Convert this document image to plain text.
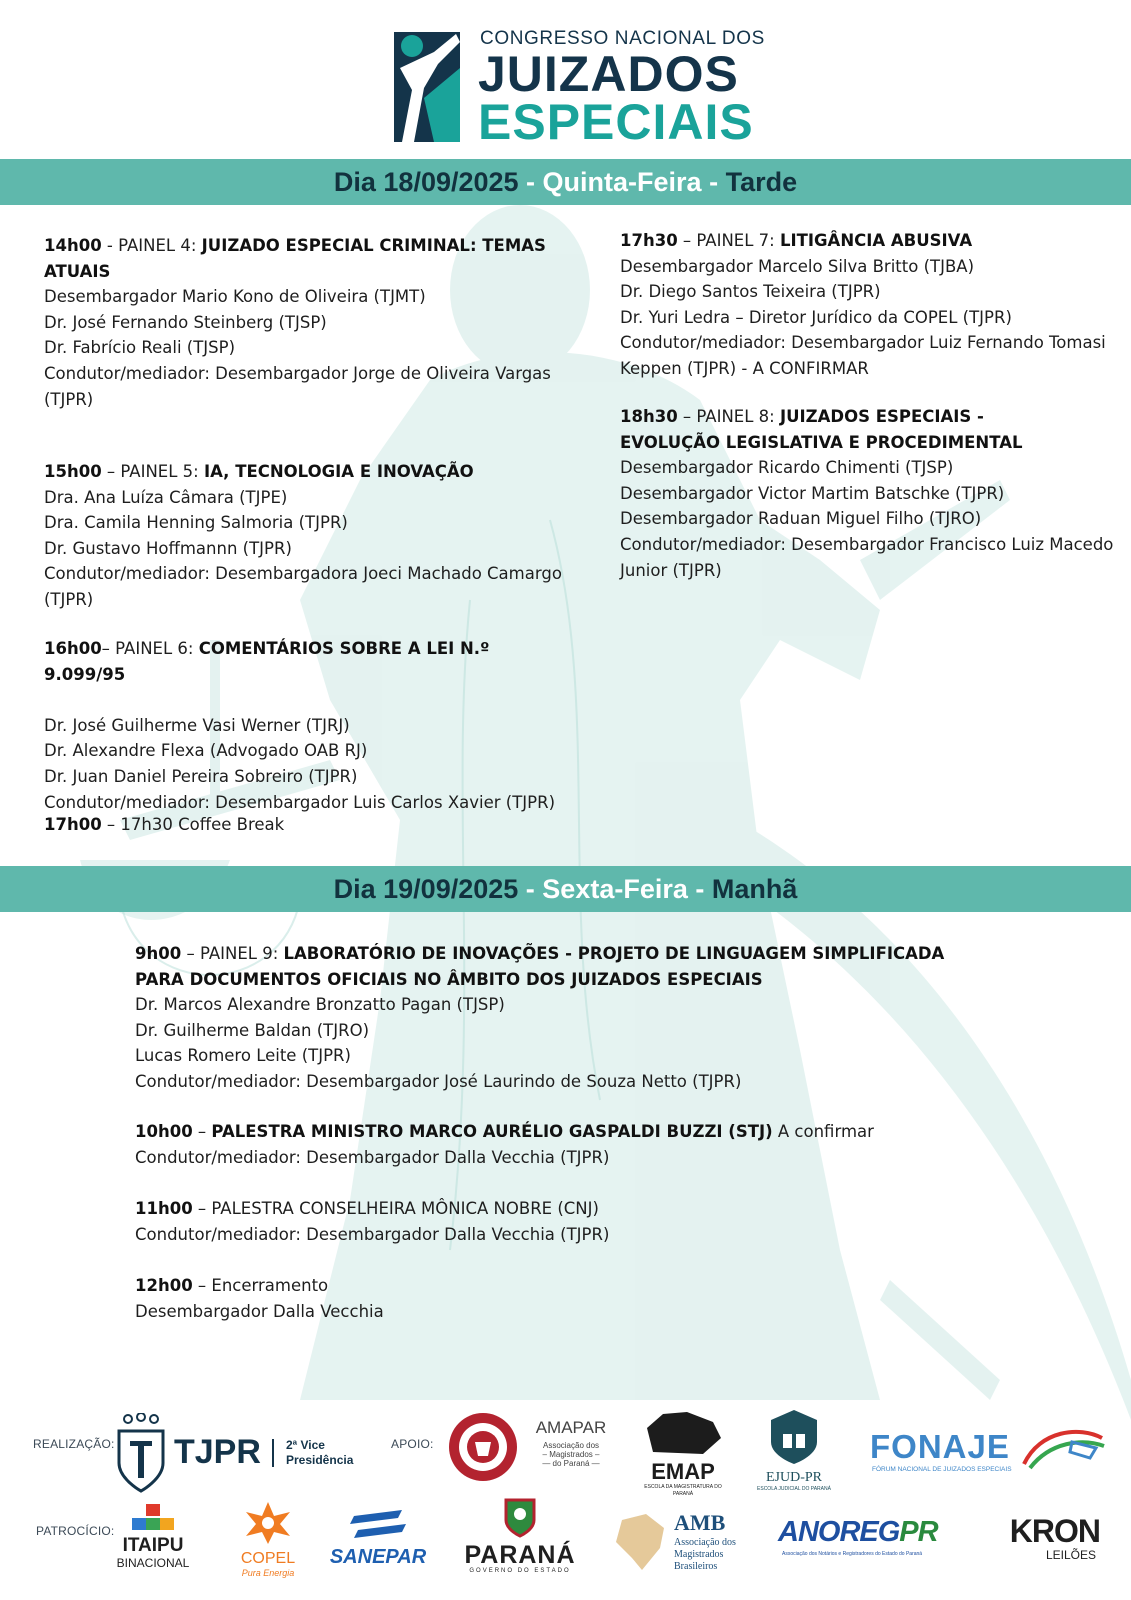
CONGRESSO NACIONAL DOS
JUIZADOS
ESPECIAIS
Dia 18/09/2025 - Quinta-Feira - Tarde

14h00 - PAINEL 4: JUIZADO ESPECIAL CRIMINAL: TEMAS ATUAIS

Desembargador Mario Kono de Oliveira (TJMT)

Dr. José Fernando Steinberg (TJSP)

Dr. Fabrício Reali (TJSP)

Condutor/mediador: Desembargador Jorge de Oliveira Vargas

(TJPR)

15h00 – PAINEL 5: IA, TECNOLOGIA E INOVAÇÃO

Dra. Ana Luíza Câmara (TJPE)

Dra. Camila Henning Salmoria (TJPR)

Dr. Gustavo Hoffmannn (TJPR)

Condutor/mediador: Desembargadora Joeci Machado Camargo

(TJPR)

16h00– PAINEL 6: COMENTÁRIOS SOBRE A LEI N.º 9.099/95

Dr. José Guilherme Vasi Werner (TJRJ)

Dr. Alexandre Flexa (Advogado OAB RJ)

Dr. Juan Daniel Pereira Sobreiro (TJPR)

Condutor/mediador: Desembargador Luis Carlos Xavier (TJPR)

17h00 – 17h30 Coffee Break

17h30 – PAINEL 7: LITIGÂNCIA ABUSIVA

Desembargador Marcelo Silva Britto (TJBA)

Dr. Diego Santos Teixeira (TJPR)

Dr. Yuri Ledra – Diretor Jurídico da COPEL (TJPR)

Condutor/mediador: Desembargador Luiz Fernando Tomasi

Keppen (TJPR) - A CONFIRMAR

18h30 – PAINEL 8: JUIZADOS ESPECIAIS - EVOLUÇÃO LEGISLATIVA E PROCEDIMENTAL

Desembargador Ricardo Chimenti (TJSP)

Desembargador Victor Martim Batschke (TJPR)

Desembargador Raduan Miguel Filho (TJRO)

Condutor/mediador: Desembargador Francisco Luiz Macedo

Junior (TJPR)

Dia 19/09/2025 - Sexta-Feira - Manhã

9h00 – PAINEL 9: LABORATÓRIO DE INOVAÇÕES - PROJETO DE LINGUAGEM SIMPLIFICADA PARA DOCUMENTOS OFICIAIS NO ÂMBITO DOS JUIZADOS ESPECIAIS

Dr. Marcos Alexandre Bronzatto Pagan (TJSP)

Dr. Guilherme Baldan (TJRO)

Lucas Romero Leite (TJPR)

Condutor/mediador: Desembargador José Laurindo de Souza Netto (TJPR)

10h00 – PALESTRA MINISTRO MARCO AURÉLIO GASPALDI BUZZI (STJ) A confirmar

Condutor/mediador: Desembargador Dalla Vecchia (TJPR)

11h00 – PALESTRA CONSELHEIRA MÔNICA NOBRE (CNJ)

Condutor/mediador: Desembargador Dalla Vecchia (TJPR)

12h00 – Encerramento

Desembargador Dalla Vecchia

REALIZAÇÃO:	APOIO:
PATROCÍCIO:
TJPR 2ª Vice
Presidência
AMAPAR
Associação dos
– Magistrados –
— do Paraná —	EMAP
ESCOLA DA MAGISTRATURA DO PARANÁ
EJUD-PR
ESCOLA JUDICIAL DO PARANÁ
FONAJE
FÓRUM NACIONAL DE JUIZADOS ESPECIAIS
ITAIPU
BINACIONAL	COPEL
Pura Energia
SANEPAR	PARANÁ
GOVERNO DO ESTADO
AMB
Associação dos
Magistrados
Brasileiros
ANOREGPR
Associação dos Notários e Registradores do Estado do Paraná
KRON
LEILÕES
